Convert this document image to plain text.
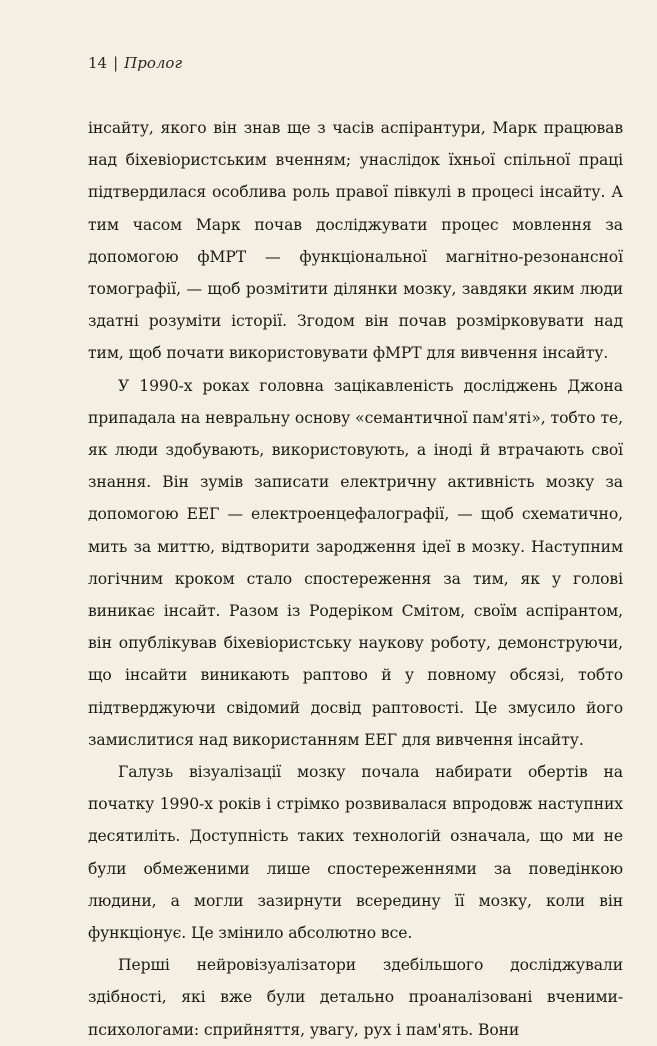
14 | Пролог

інсайту, якого він знав ще з часів аспірантури, Марк працював над біхевіористським вченням; унаслідок їхньої спільної праці підтвердилася особлива роль правої півкулі в процесі інсайту. А тим часом Марк почав досліджувати процес мовлення за допомогою фМРТ — функціональної магнітно-резонансної томографії, — щоб розмітити ділянки мозку, завдяки яким люди здатні розуміти історії. Згодом він почав розмірковувати над тим, щоб почати використовувати фМРТ для вивчення інсайту.

У 1990-х роках головна зацікавленість досліджень Джона припадала на невральну основу «семантичної пам'яті», тобто те, як люди здобувають, використовують, а іноді й втрачають свої знання. Він зумів записати електричну активність мозку за допомогою ЕЕГ — електроенцефалографії, — щоб схематично, мить за миттю, відтворити зародження ідеї в мозку. Наступним логічним кроком стало спостереження за тим, як у голові виникає інсайт. Разом із Родеріком Смітом, своїм аспірантом, він опублікував біхевіористську наукову роботу, демонструючи, що інсайти виникають раптово й у повному обсязі, тобто підтверджуючи свідомий досвід раптовості. Це змусило його замислитися над використанням ЕЕГ для вивчення інсайту.

Галузь візуалізації мозку почала набирати обертів на початку 1990-х років і стрімко розвивалася впродовж наступних десятиліть. Доступність таких технологій означала, що ми не були обмеженими лише спостереженнями за поведінкою людини, а могли зазирнути всередину її мозку, коли він функціонує. Це змінило абсолютно все.

Перші нейровізуалізатори здебільшого досліджували здібності, які вже були детально проаналізовані вченими-психологами: сприйняття, увагу, рух і пам'ять. Вони
